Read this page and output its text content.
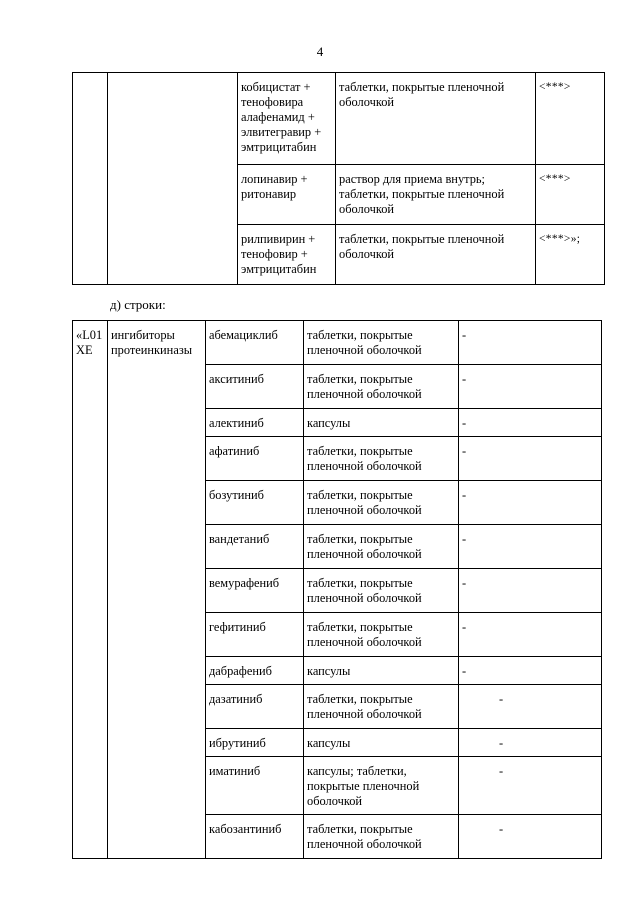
4
		кобицистат + тенофовира алафенамид + элвитегравир + эмтрицитабин	таблетки, покрытые пленочной оболочкой	<***>
		лопинавир + ритонавир	раствор для приема внутрь; таблетки, покрытые пленочной оболочкой	<***>
		рилпивирин + тенофовир + эмтрицитабин	таблетки, покрытые пленочной оболочкой	<***>»;
д) строки:
«L01XE	ингибиторы протеинкиназы	абемациклиб	таблетки, покрытые пленочной оболочкой	-
		акситиниб	таблетки, покрытые пленочной оболочкой	-
		алектиниб	капсулы	-
		афатиниб	таблетки, покрытые пленочной оболочкой	-
		бозутиниб	таблетки, покрытые пленочной оболочкой	-
		вандетаниб	таблетки, покрытые пленочной оболочкой	-
		вемурафениб	таблетки, покрытые пленочной оболочкой	-
		гефитиниб	таблетки, покрытые пленочной оболочкой	-
		дабрафениб	капсулы	-
		дазатиниб	таблетки, покрытые пленочной оболочкой	-
		ибрутиниб	капсулы	-
		иматиниб	капсулы; таблетки, покрытые пленочной оболочкой	-
		кабозантиниб	таблетки, покрытые пленочной оболочкой	-
